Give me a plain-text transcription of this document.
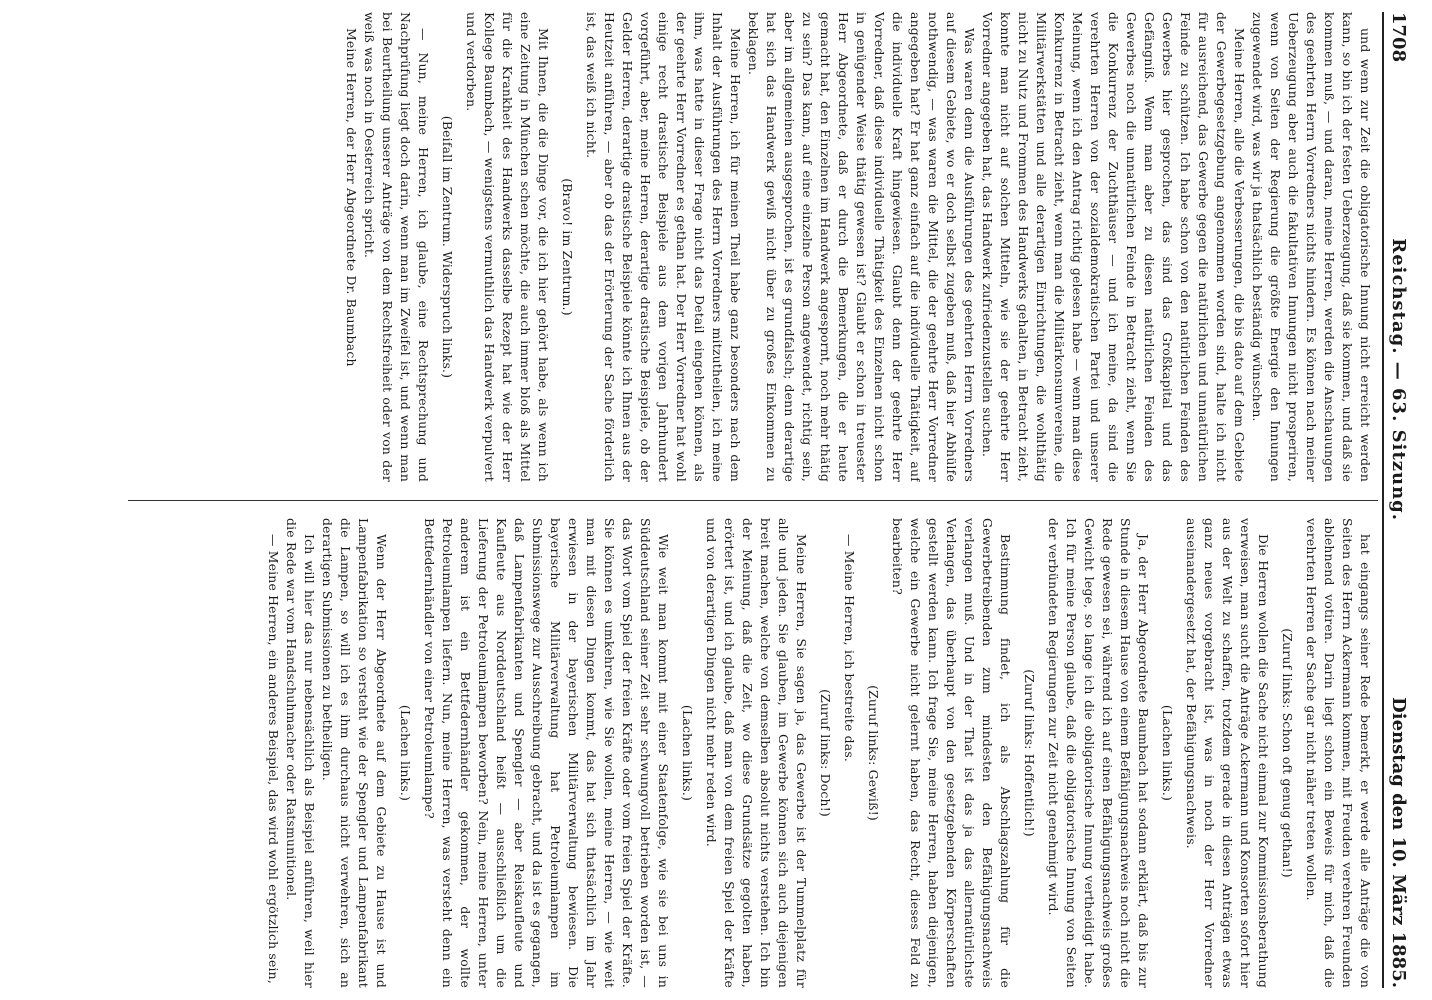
1708
Reichstag. — 63. Sitzung.
Dienstag den 10. März 1885.

und wenn zur Zeit die obligatorische Innung nicht erreicht werden kann, so bin ich der festen Ueberzeugung, daß sie kommen, und daß sie kommen muß, — und daran, meine Herren, werden die Anschauungen des geehrten Herrn Vorredners nichts hindern. Es können nach meiner Ueberzeugung aber auch die fakultativen Innungen nicht prosperiren, wenn von Seiten der Regierung die größte Energie den Innungen zugewendet wird, was wir ja thatsächlich beständig wünschen.

Meine Herren, alle die Verbesserungen, die bis dato auf dem Gebiete der Gewerbegesetzgebung angenommen worden sind, halte ich nicht für ausreichend, das Gewerbe gegen die natürlichen und unnatürlichen Feinde zu schützen. Ich habe schon von den natürlichen Feinden des Gewerbes hier gesprochen, das sind das Großkapital und das Gefängniß. Wenn man aber zu diesen natürlichen Feinden des Gewerbes noch die unnatürlichen Feinde in Betracht zieht, wenn Sie die Konkurrenz der Zuchthäuser — und ich meine, da sind die verehrten Herren von der sozialdemokratischen Partei und unserer Meinung, wenn ich den Antrag richtig gelesen habe — wenn man diese Konkurrenz in Betracht zieht, wenn man die Militärkonsumvereine, die Militärwerkstätten und alle derartigen Einrichtungen, die wohlthätig nicht zu Nutz und Frommen des Handwerks gehalten, in Betracht zieht, konnte man nicht auf solchen Mitteln, wie sie der geehrte Herr Vorredner angegeben hat, das Handwerk zufriedenzustellen suchen.

Was waren denn die Ausführungen des geehrten Herrn Vorredners auf diesem Gebiete, wo er doch selbst zugeben muß, daß hier Abhülfe nothwendig, — was waren die Mittel, die der geehrte Herr Vorredner angegeben hat? Er hat ganz einfach auf die individuelle Thätigkeit, auf die individuelle Kraft hingewiesen. Glaubt denn der geehrte Herr Vorredner, daß diese individuelle Thätigkeit des Einzelnen nicht schon in genügender Weise thätig gewesen ist? Glaubt er schon in treuester Herr Abgeordnete, daß er durch die Bemerkungen, die er heute gemacht hat, den Einzelnen im Handwerk angespornt, noch mehr thätig zu sein? Das kann, auf eine einzelne Person angewendet, richtig sein, aber im allgemeinen ausgesprochen, ist es grundfalsch; denn derartige hat sich das Handwerk gewiß nicht über zu großes Einkommen zu beklagen.

Meine Herren, ich für meinen Theil habe ganz besonders nach dem Inhalt der Ausführungen des Herrn Vorredners mitzutheilen, ich meine ihm, was hatte in dieser Frage nicht das Detail eingehen können, als der geehrte Herr Vorredner es gethan hat. Der Herr Vorredner hat wohl einige recht drastische Beispiele aus dem vorigen Jahrhundert vorgeführt, aber, meine Herren, derartige drastische Beispiele, ob der Gelder Herren, derartige drastische Beispiele könnte ich Ihnen aus der Heutzeit anführen, — aber ob das der Erörterung der Sache förderlich ist, das weiß ich nicht.

(Bravo! im Zentrum.)

Mit Ihnen, die die Dinge vor, die ich hier gehört habe, als wenn ich eine Zeitung in München schen möchte, die auch immer bloß als Mittel für die Krankheit des Handwerks dasselbe Rezept hat wie der Herr Kollege Baumbach, — wenigstens vermuthlich das Handwerk verpulvert und verdorben.

(Beifall im Zentrum. Widerspruch links.)

— Nun, meine Herren, ich glaube, eine Rechtsprechung und Nachprüfung liegt doch darin, wenn man im Zweifel ist, und wenn man bei Beurtheilung unserer Anträge von dem Rechtsfreiheit oder von der weiß was noch in Oesterreich spricht.

Meine Herren, der Herr Abgeordnete Dr. Baumbach

hat eingangs seiner Rede bemerkt, er werde alle Anträge die von Seiten des Herrn Ackermann kommen, mit Freuden verehren Freunden ablehnend votiren. Darin liegt schon ein Beweis für mich, daß die verehrten Herren der Sache gar nicht näher treten wollen.

(Zuruf links: Schon oft genug gethan!)

Die Herren wollen die Sache nicht einmal zur Kommissionsberathung verweisen, man sucht die Anträge Ackermann und Konsorten sofort hier aus der Welt zu schaffen, trotzdem gerade in diesen Anträgen etwas ganz neues vorgebracht ist, was in noch der Herr Vorredner auseinandergesetzt hat, der Befähigungsnachweis.

(Lachen links.)

Ja, der Herr Abgeordnete Baumbach hat sodann erklärt, daß bis zur Stunde in diesem Hause von einem Befähigungsnachweis noch nicht die Rede gewesen sei, während ich auf einen Befähigungsnachweis großes Gewicht lege, so lange ich die obligatorische Innung vertheidigt habe. Ich für meine Person glaube, daß die obligatorische Innung von Seiten der verbündeten Regierungen zur Zeit nicht genehmigt wird.

(Zuruf links: Hoffentlich!)

Bestimmung findet, ich als Abschlagszahlung für die Gewerbetreibenden zum mindesten den Befähigungsnachweis verlangen muß. Und in der That ist das ja das allernatürlichste Verlangen, das überhaupt von den gesetzgebenden Körperschaften gestellt werden kann. Ich frage Sie, meine Herren, haben diejenigen, welche ein Gewerbe nicht gelernt haben, das Recht, dieses Feld zu bearbeiten?

(Zuruf links: Gewiß!)

— Meine Herren, ich bestreite das.

(Zuruf links: Doch!)

Meine Herren, Sie sagen ja, das Gewerbe ist der Tummelplatz für alle und jeden. Sie glauben, im Gewerbe können sich auch diejenigen breit machen, welche von demselben absolut nichts verstehen. Ich bin der Meinung, daß die Zeit, wo diese Grundsätze gegolten haben, erörtert ist, und ich glaube, daß man von dem freien Spiel der Kräfte und von derartigen Dingen nicht mehr reden wird.

(Lachen links.)

Wie weit man kommt mit einer Staatenfolge, wie sie bei uns in Süddeutschland seiner Zeit sehr schwungvoll betrieben worden ist, — das Wort vom Spiel der freien Kräfte oder vom freien Spiel der Kräfte. Sie können es umkehren, wie Sie wollen, meine Herren, — wie weit man mit diesen Dingen kommt, das hat sich thatsächlich im Jahr erwiesen in der bayerischen Militärverwaltung bewiesen. Die bayerische Militärverwaltung hat Petroleumlampen im Submissionswege zur Ausschreibung gebracht, und da ist es gegangen, daß Lampenfabrikanten und Spengler — aber Reiskaufleute und Kaufleute aus Norddeutschland heißt — ausschließlich um die Lieferung der Petroleumlampen beworben? Nein, meine Herren, unter anderem ist ein Bettfedernhändler gekommen, der wollte Petroleumlampen liefern. Nun, meine Herren, was versteht denn ein Bettfedernhändler von einer Petroleumlampe?

(Lachen links.)

Wenn der Herr Abgeordnete auf dem Gebiete zu Hause ist und Lampenfabrikation so versteht wie der Spengler und Lampenfabrikant die Lampen, so will ich es ihm durchaus nicht verwehren, sich an derartigen Submissionen zu betheiligen.

Ich will hier das nur nebensächlich als Beispiel anführen, weil hier die Rede war vom Handschuhmacher oder Ratsmunitionel.

— Meine Herren, ein anderes Beispiel, das wird wohl ergötzlich sein,
